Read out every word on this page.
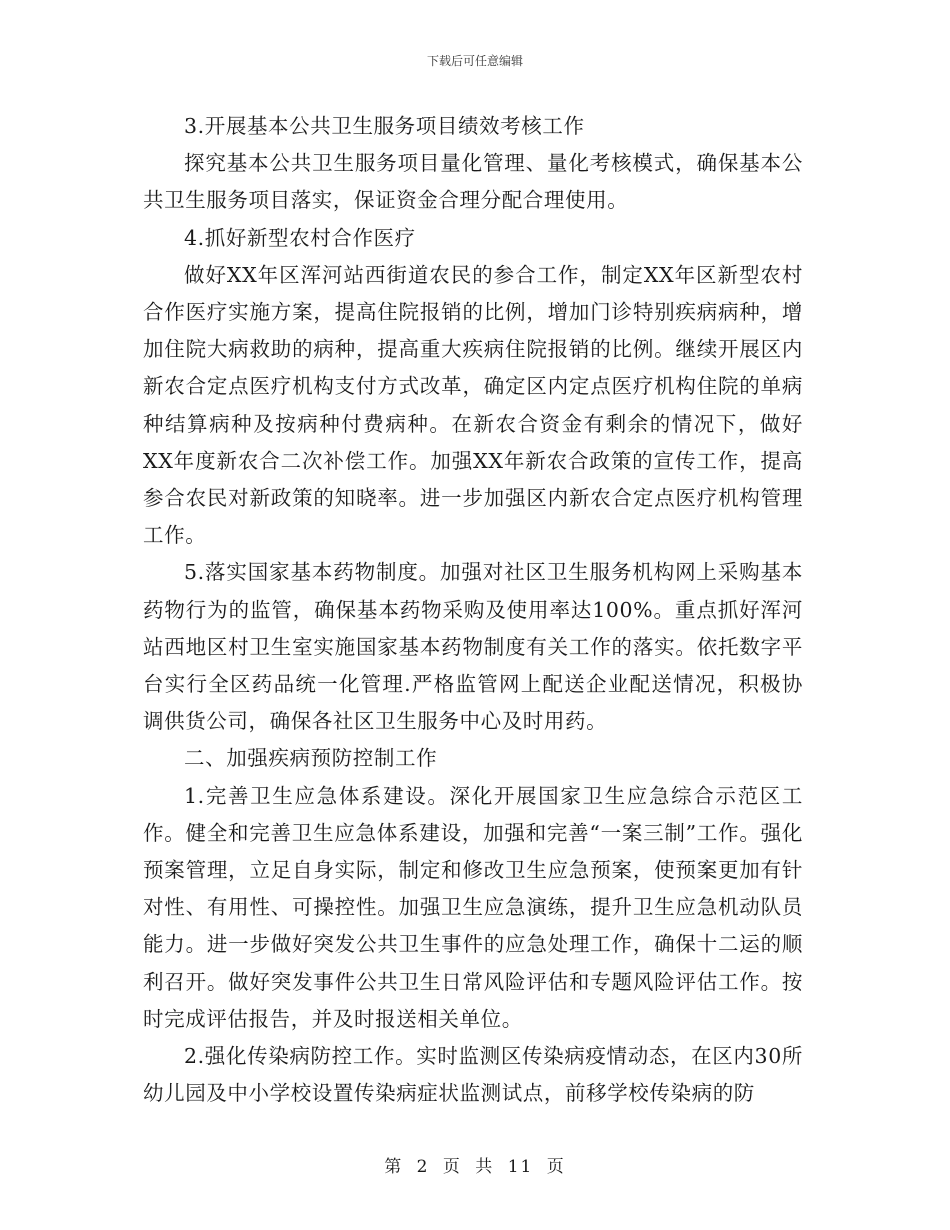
下载后可任意编辑

3.开展基本公共卫生服务项目绩效考核工作

探究基本公共卫生服务项目量化管理、量化考核模式，确保基本公共卫生服务项目落实，保证资金合理分配合理使用。

4.抓好新型农村合作医疗

做好XX年区浑河站西街道农民的参合工作，制定XX年区新型农村合作医疗实施方案，提高住院报销的比例，增加门诊特别疾病病种，增加住院大病救助的病种，提高重大疾病住院报销的比例。继续开展区内新农合定点医疗机构支付方式改革，确定区内定点医疗机构住院的单病种结算病种及按病种付费病种。在新农合资金有剩余的情况下，做好XX年度新农合二次补偿工作。加强XX年新农合政策的宣传工作，提高参合农民对新政策的知晓率。进一步加强区内新农合定点医疗机构管理工作。

5.落实国家基本药物制度。加强对社区卫生服务机构网上采购基本药物行为的监管，确保基本药物采购及使用率达100%。重点抓好浑河站西地区村卫生室实施国家基本药物制度有关工作的落实。依托数字平台实行全区药品统一化管理.严格监管网上配送企业配送情况，积极协调供货公司，确保各社区卫生服务中心及时用药。

二、加强疾病预防控制工作

1.完善卫生应急体系建设。深化开展国家卫生应急综合示范区工作。健全和完善卫生应急体系建设，加强和完善“一案三制”工作。强化预案管理，立足自身实际，制定和修改卫生应急预案，使预案更加有针对性、有用性、可操控性。加强卫生应急演练，提升卫生应急机动队员能力。进一步做好突发公共卫生事件的应急处理工作，确保十二运的顺利召开。做好突发事件公共卫生日常风险评估和专题风险评估工作。按时完成评估报告，并及时报送相关单位。

2.强化传染病防控工作。实时监测区传染病疫情动态，在区内30所幼儿园及中小学校设置传染病症状监测试点，前移学校传染病的防

第 2 页 共 11 页
